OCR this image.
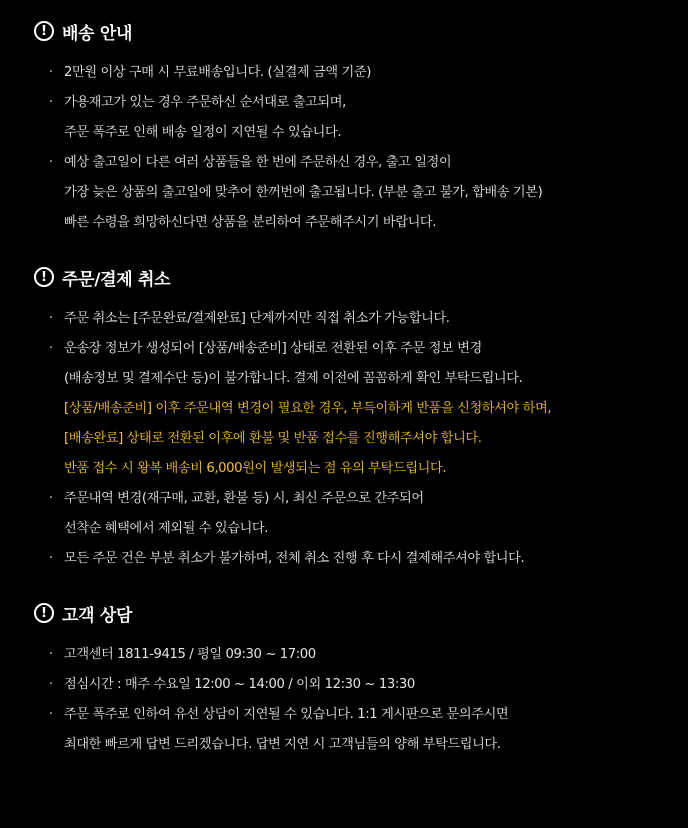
! 배송 안내
· 2만원 이상 구매 시 무료배송입니다. (실결제 금액 기준)
· 가용재고가 있는 경우 주문하신 순서대로 출고되며,
주문 폭주로 인해 배송 일정이 지연될 수 있습니다.
· 예상 출고일이 다른 여러 상품들을 한 번에 주문하신 경우, 출고 일정이
가장 늦은 상품의 출고일에 맞추어 한꺼번에 출고됩니다. (부분 출고 불가, 합배송 기본)
빠른 수령을 희망하신다면 상품을 분리하여 주문해주시기 바랍니다.
! 주문/결제 취소
· 주문 취소는 [주문완료/결제완료] 단계까지만 직접 취소가 가능합니다.
· 운송장 정보가 생성되어 [상품/배송준비] 상태로 전환된 이후 주문 정보 변경
(배송정보 및 결제수단 등)이 불가합니다. 결제 이전에 꼼꼼하게 확인 부탁드립니다.
[상품/배송준비] 이후 주문내역 변경이 필요한 경우, 부득이하게 반품을 신청하셔야 하며,
[배송완료] 상태로 전환된 이후에 환불 및 반품 접수를 진행해주셔야 합니다.
반품 접수 시 왕복 배송비 6,000원이 발생되는 점 유의 부탁드립니다.
· 주문내역 변경(재구매, 교환, 환불 등) 시, 최신 주문으로 간주되어
선착순 혜택에서 제외될 수 있습니다.
· 모든 주문 건은 부분 취소가 불가하며, 전체 취소 진행 후 다시 결제해주셔야 합니다.
! 고객 상담
· 고객센터 1811-9415 / 평일 09:30 ~ 17:00
· 점심시간 : 매주 수요일 12:00 ~ 14:00 / 이외 12:30 ~ 13:30
· 주문 폭주로 인하여 유선 상담이 지연될 수 있습니다. 1:1 게시판으로 문의주시면
최대한 빠르게 답변 드리겠습니다. 답변 지연 시 고객님들의 양해 부탁드립니다.
